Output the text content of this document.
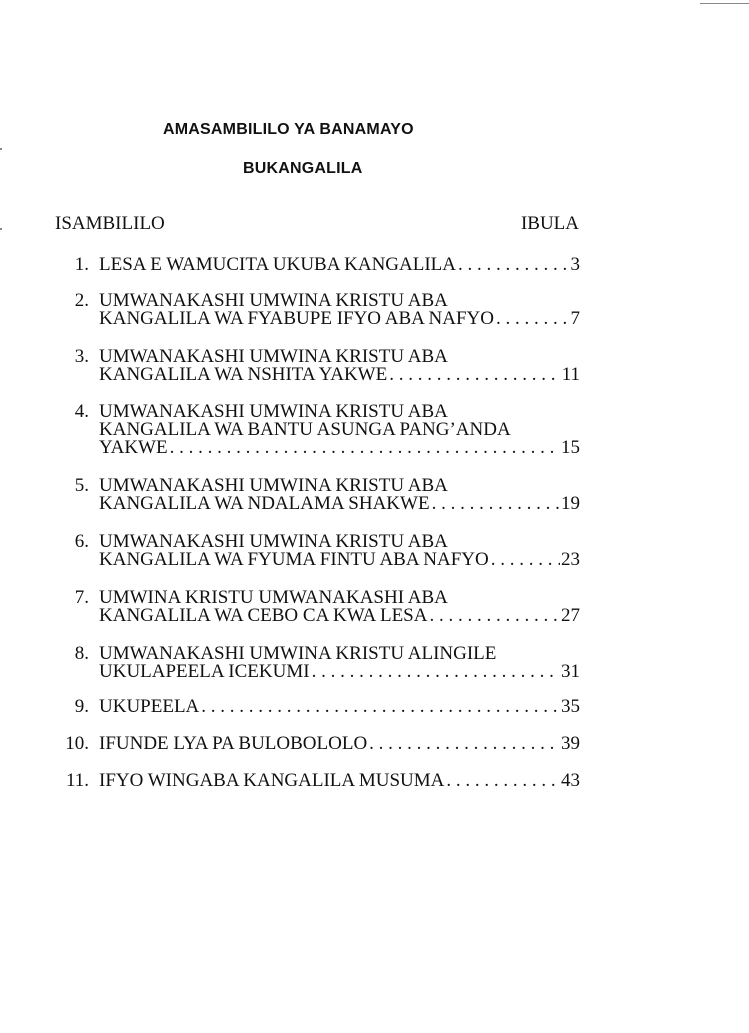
AMASAMBILILO YA BANAMAYO
BUKANGALILA
ISAMBILILO	IBULA
1. LESA E WAMUCITA UKUBA KANGALILA . . .	3
2. UMWANAKASHI UMWINA KRISTU ABA
KANGALILA WA FYABUPE IFYO ABA NAFYO . . .	7
3. UMWANAKASHI UMWINA KRISTU ABA
KANGALILA WA NSHITA YAKWE . . .	11
4. UMWANAKASHI UMWINA KRISTU ABA
KANGALILA WA BANTU ASUNGA PANG’ANDA
YAKWE . . .	15
5. UMWANAKASHI UMWINA KRISTU ABA
KANGALILA WA NDALAMA SHAKWE . . .	19
6. UMWANAKASHI UMWINA KRISTU ABA
KANGALILA WA FYUMA FINTU ABA NAFYO . . .	23
7. UMWINA KRISTU UMWANAKASHI ABA
KANGALILA WA CEBO CA KWA LESA . . .	27
8. UMWANAKASHI UMWINA KRISTU ALINGILE
UKULAPEELA ICEKUMI . . .	31
9. UKUPEELA . . .	35
10. IFUNDE LYA PA BULOBOLOLO . . .	39
11. IFYO WINGABA KANGALILA MUSUMA . . .	43
